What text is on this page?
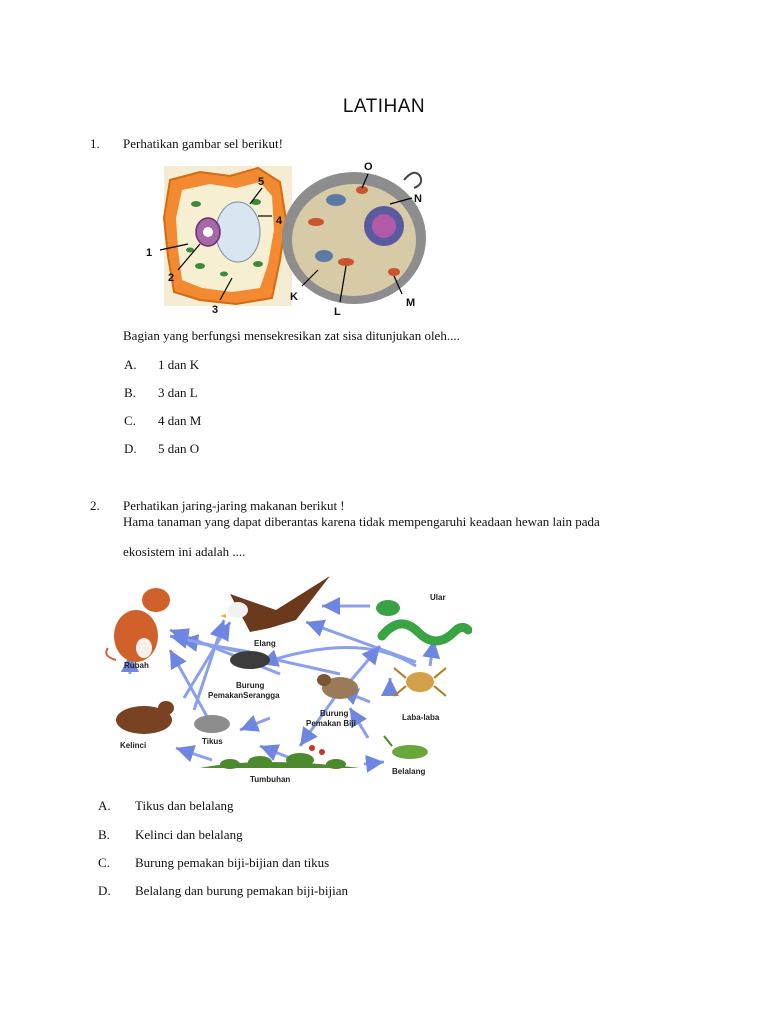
LATIHAN
1. Perhatikan gambar sel berikut!
5
4
1
2
3
O
N
K
L
M
Bagian yang berfungsi mensekresikan zat sisa ditunjukan oleh....
A. 1 dan K
B. 3 dan L
C. 4 dan M
D. 5 dan O
2. Perhatikan jaring-jaring makanan berikut !
Hama tanaman yang dapat diberantas karena tidak mempengaruhi keadaan hewan lain pada
ekosistem ini adalah ....
Ular
Elang
Rubah
Burung
PemakanSerangga
Burung
Pemakan Biji
Laba-laba
Kelinci	Tikus
Tumbuhan
Belalang
A. Tikus dan belalang
B. Kelinci dan belalang
C. Burung pemakan biji-bijian dan tikus
D. Belalang dan burung pemakan biji-bijian
